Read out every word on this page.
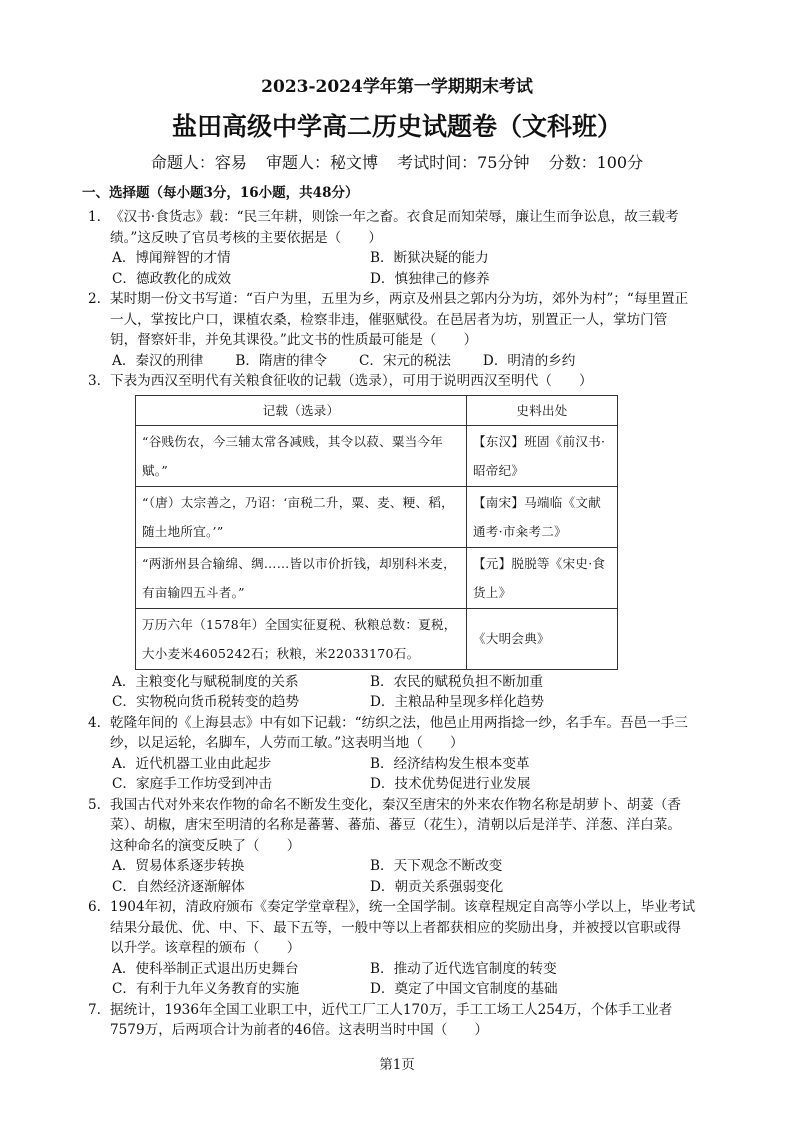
2023-2024学年第一学期期末考试
盐田高级中学高二历史试题卷（文科班）
命题人：容易 审题人：秘文博 考试时间：75分钟 分数：100分
一、选择题（每小题3分，16小题，共48分）
1. 《汉书·食货志》载：“民三年耕，则馀一年之畜。衣食足而知荣辱，廉让生而争讼息，故三载考
绩。”这反映了官员考核的主要依据是（　　）
A．博闻辩智的才情	B．断狱决疑的能力
C．德政教化的成效	D．慎独律己的修养
2. 某时期一份文书写道：“百户为里，五里为乡，两京及州县之郭内分为坊，郊外为村”；“每里置正
一人，掌按比户口，课植农桑，检察非违，催驱赋役。在邑居者为坊，别置正一人，掌坊门管
钥，督察奸非，并免其课役。”此文书的性质最可能是（　　）
A．秦汉的刑律 B．隋唐的律令 C．宋元的税法 D．明清的乡约
3. 下表为西汉至明代有关粮食征收的记载（选录），可用于说明西汉至明代（　　）
记载（选录）	史料出处
“谷贱伤农，今三辅太常各减贱，其令以菽、粟当今年赋。”	【东汉】班固《前汉书·昭帝纪》
“（唐）太宗善之，乃诏：‘亩税二升，粟、麦、粳、稻，随土地所宜。’”	【南宋】马端临《文献通考·市籴考二》
“两浙州县合输绵、绸……皆以市价折钱，却别科米麦，有亩输四五斗者。”	【元】脱脱等《宋史·食货上》
万历六年（1578年）全国实征夏税、秋粮总数：夏税，大小麦米4605242石；秋粮，米22033170石。	《大明会典》
A．主粮变化与赋税制度的关系	B．农民的赋税负担不断加重
C．实物税向货币税转变的趋势	D．主粮品种呈现多样化趋势
4. 乾隆年间的《上海县志》中有如下记载：“纺织之法，他邑止用两指捻一纱，名手车。吾邑一手三
纱，以足运轮，名脚车，人劳而工敏。”这表明当地（　　）
A．近代机器工业由此起步	B．经济结构发生根本变革
C．家庭手工作坊受到冲击	D．技术优势促进行业发展
5. 我国古代对外来农作物的命名不断发生变化，秦汉至唐宋的外来农作物名称是胡萝卜、胡荽（香
菜）、胡椒，唐宋至明清的名称是蕃薯、蕃茄、蕃豆（花生），清朝以后是洋芋、洋葱、洋白菜。
这种命名的演变反映了（　　）
A．贸易体系逐步转换	B．天下观念不断改变
C．自然经济逐渐解体	D．朝贡关系强弱变化
6. 1904年初，清政府颁布《奏定学堂章程》，统一全国学制。该章程规定自高等小学以上，毕业考试
结果分最优、优、中、下、最下五等，一般中等以上者都获相应的奖励出身，并被授以官职或得
以升学。该章程的颁布（　　）
A．使科举制正式退出历史舞台	B．推动了近代选官制度的转变
C．有利于九年义务教育的实施	D．奠定了中国文官制度的基础
7. 据统计，1936年全国工业职工中，近代工厂工人170万，手工工场工人254万，个体手工业者
7579万，后两项合计为前者的46倍。这表明当时中国（　　）
第1页
